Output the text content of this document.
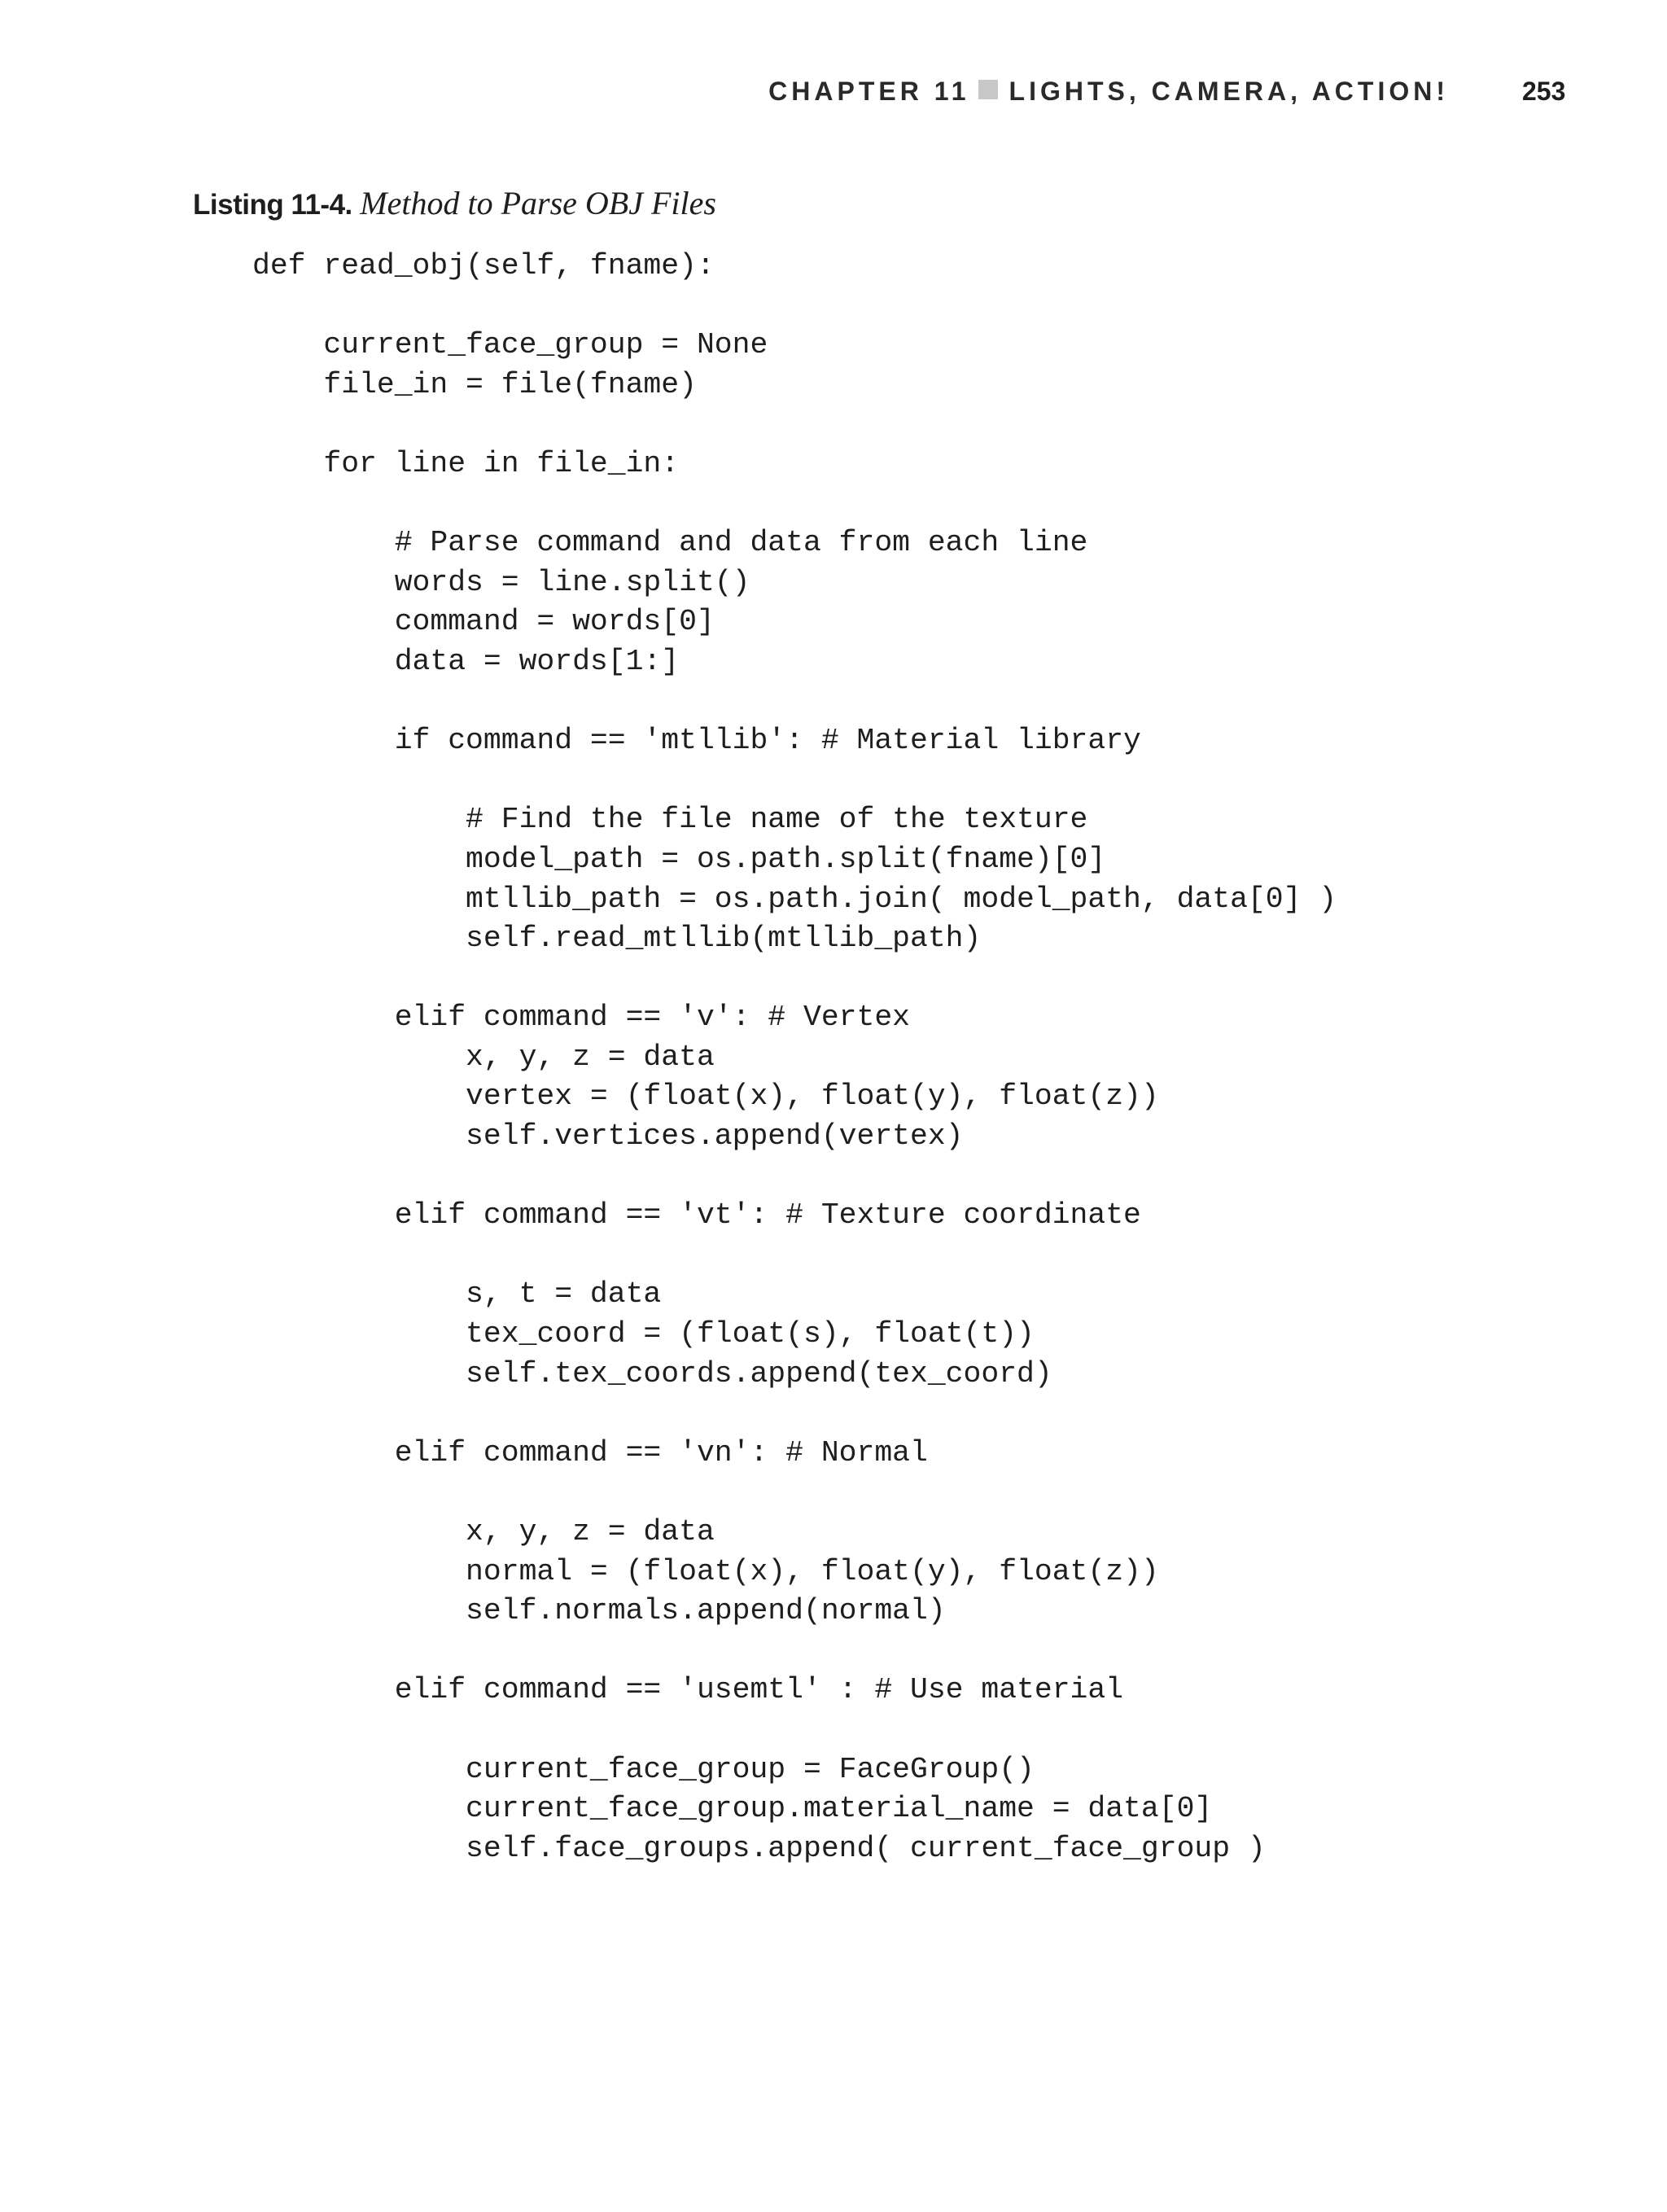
CHAPTER 11 LIGHTS, CAMERA, ACTION!	253
Listing 11-4. Method to Parse OBJ Files
def read_obj(self, fname):
current_face_group = None
file_in = file(fname)
for line in file_in:
# Parse command and data from each line
words = line.split()
command = words[0]
data = words[1:]
if command == 'mtllib': # Material library
# Find the file name of the texture
model_path = os.path.split(fname)[0]
mtllib_path = os.path.join( model_path, data[0] )
self.read_mtllib(mtllib_path)
elif command == 'v': # Vertex
x, y, z = data
vertex = (float(x), float(y), float(z))
self.vertices.append(vertex)
elif command == 'vt': # Texture coordinate
s, t = data
tex_coord = (float(s), float(t))
self.tex_coords.append(tex_coord)
elif command == 'vn': # Normal
x, y, z = data
normal = (float(x), float(y), float(z))
self.normals.append(normal)
elif command == 'usemtl' : # Use material
current_face_group = FaceGroup()
current_face_group.material_name = data[0]
self.face_groups.append( current_face_group )
